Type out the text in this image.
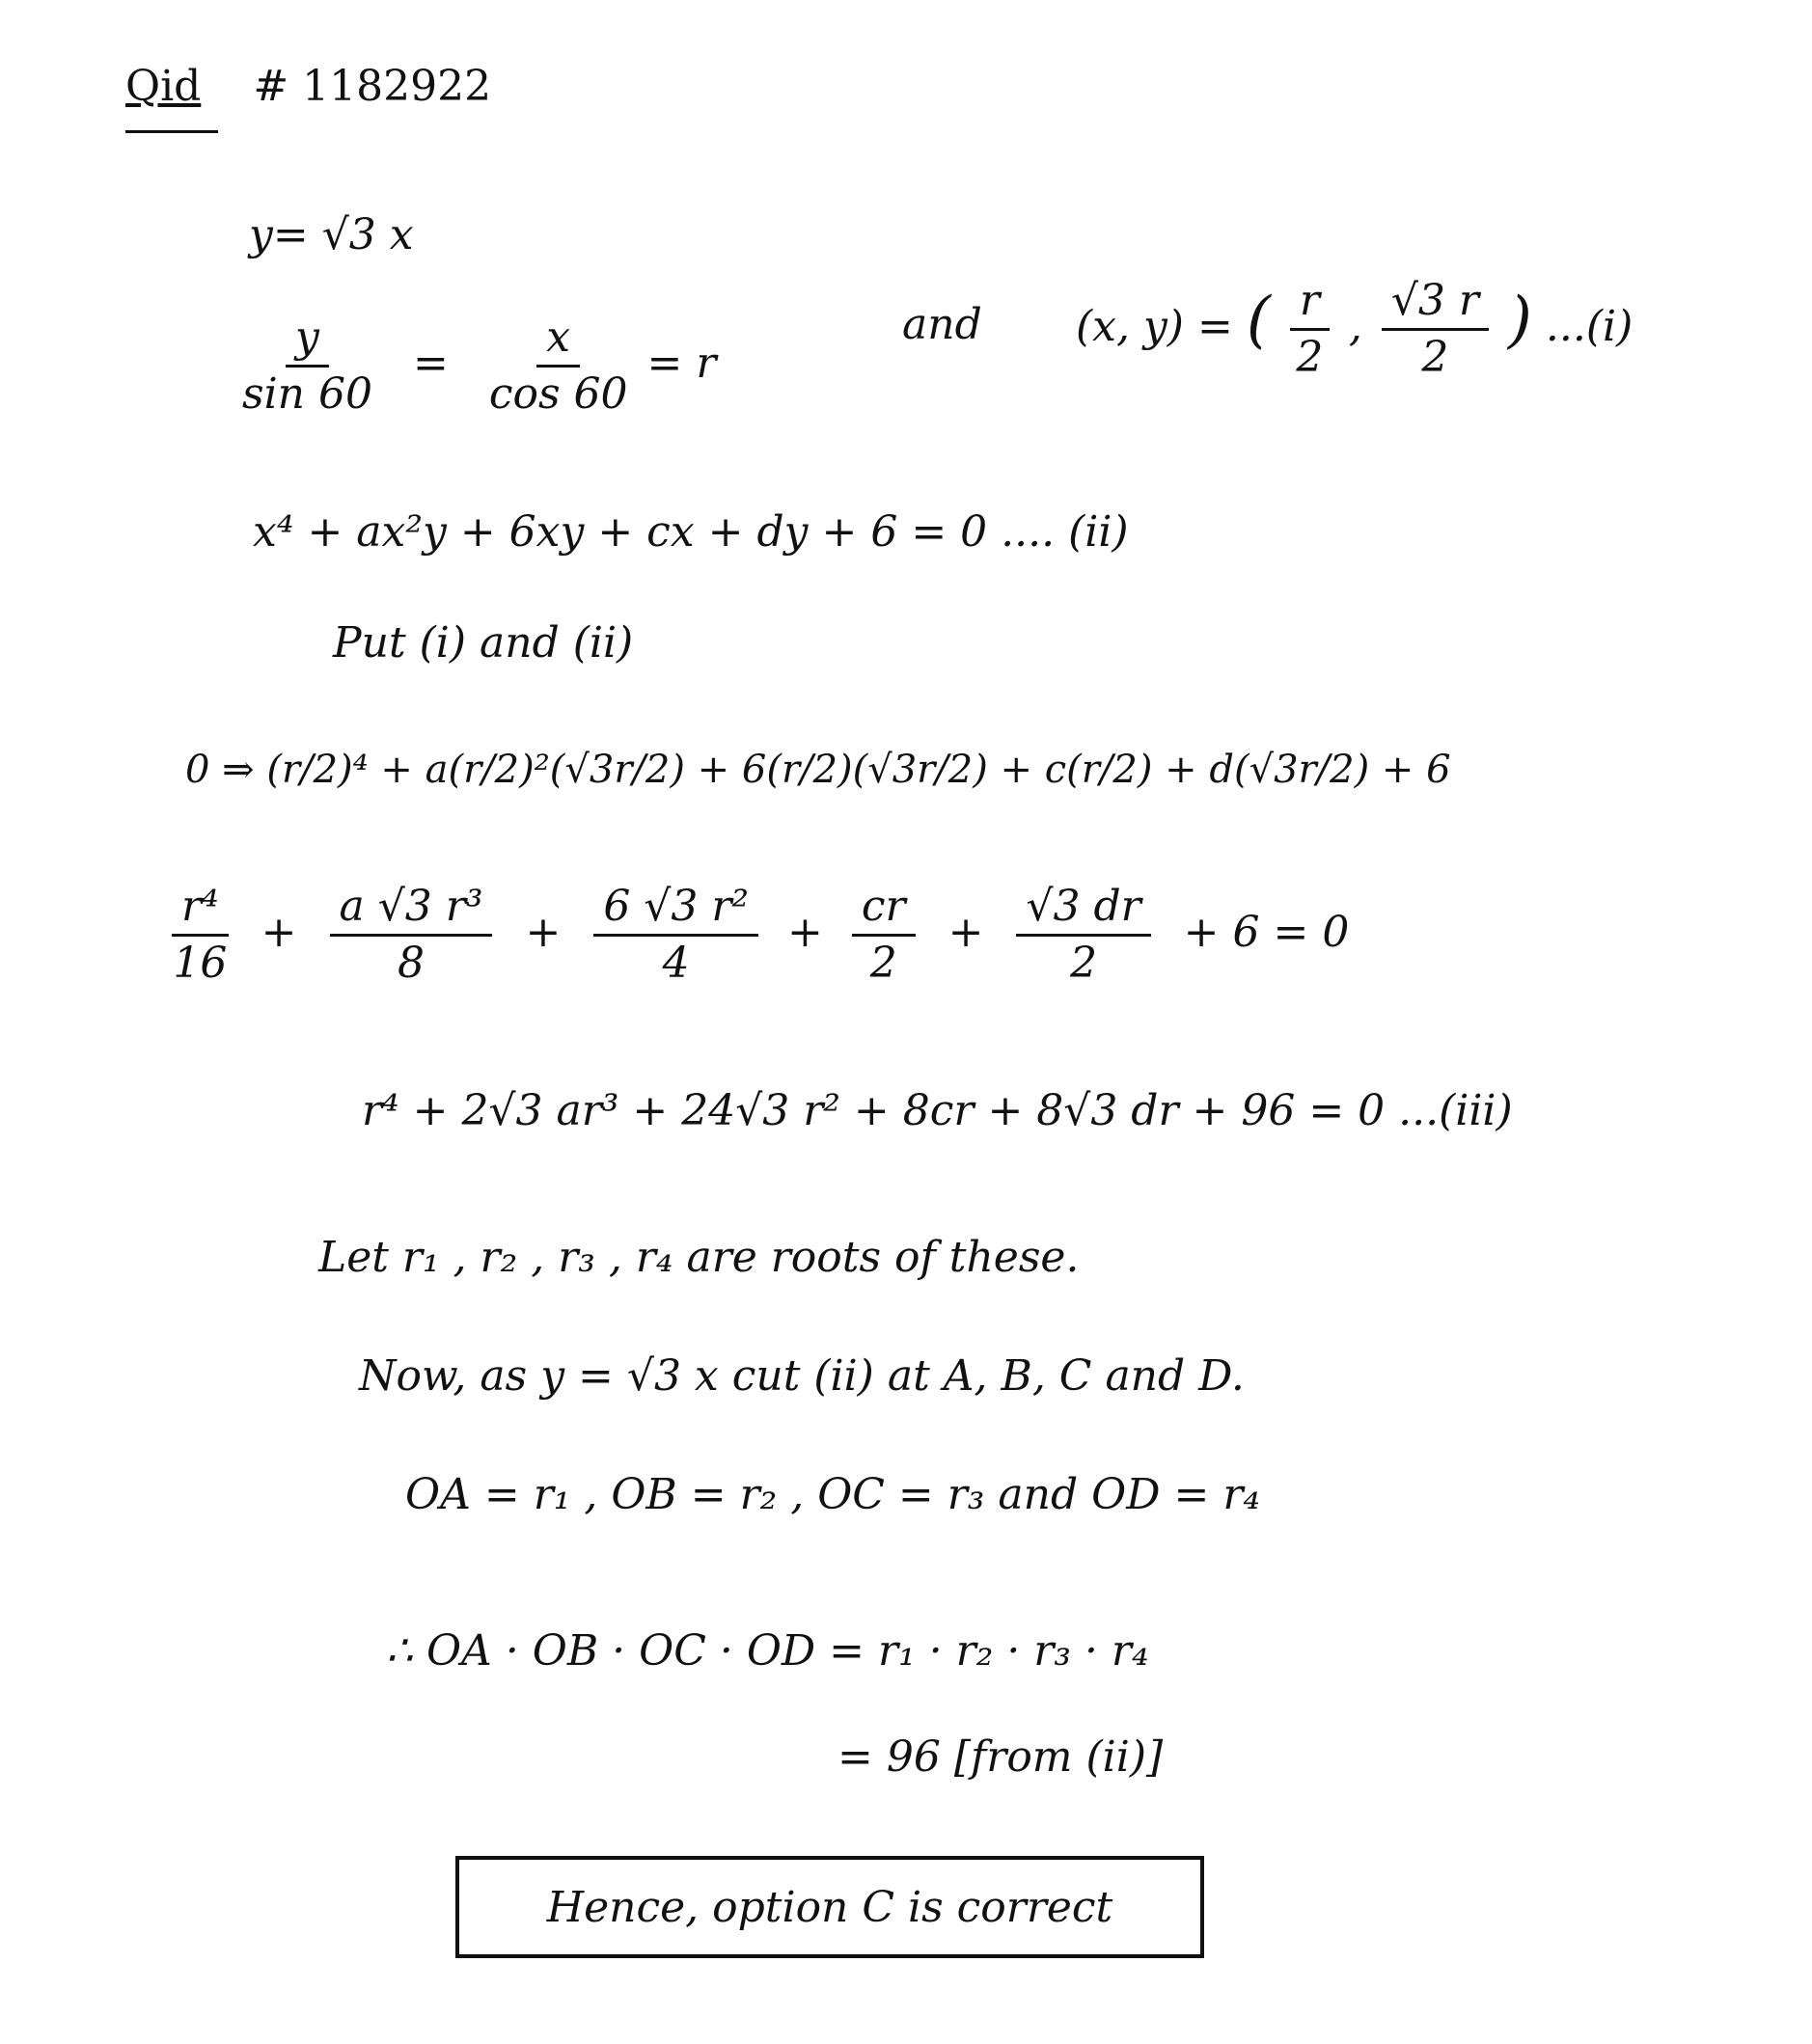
Qid # 1182922
y= √3 x
$\frac{y}{\sin 60} = \frac{x}{\cos 60} = r$
and (x, y) = ( $\frac{r}{2}$ , $\frac{√3 r}{2}$ ) ...(i)
x⁴ + ax²y + 6xy + cx + dy + 6 = 0 .... (ii)
Put (i) and (ii)
0 ⇒ (r/2)⁴ + a(r/2)²(√3r/2) + 6(r/2)(√3r/2) + c(r/2) + d(√3r/2) + 6
$\frac{\text{r⁴}}{16} + \frac{\text{a √3 r³}}{8} + \frac{\text{6 √3 r²}}{4} + \frac{cr}{2} + \frac{√3 dr}{2} + 6 = 0$
r⁴ + 2√3 ar³ + 24√3 r² + 8cr + 8√3 dr + 96 = 0 ...(iii)
Let r₁ , r₂ , r₃ , r₄ are roots of these.
Now, as y = √3 x cut (ii) at A, B, C and D.
OA = r₁ , OB = r₂ , OC = r₃ and OD = r₄
∴ OA · OB · OC · OD = r₁ · r₂ · r₃ · r₄
= 96 [from (ii)]
Hence, option C is correct
